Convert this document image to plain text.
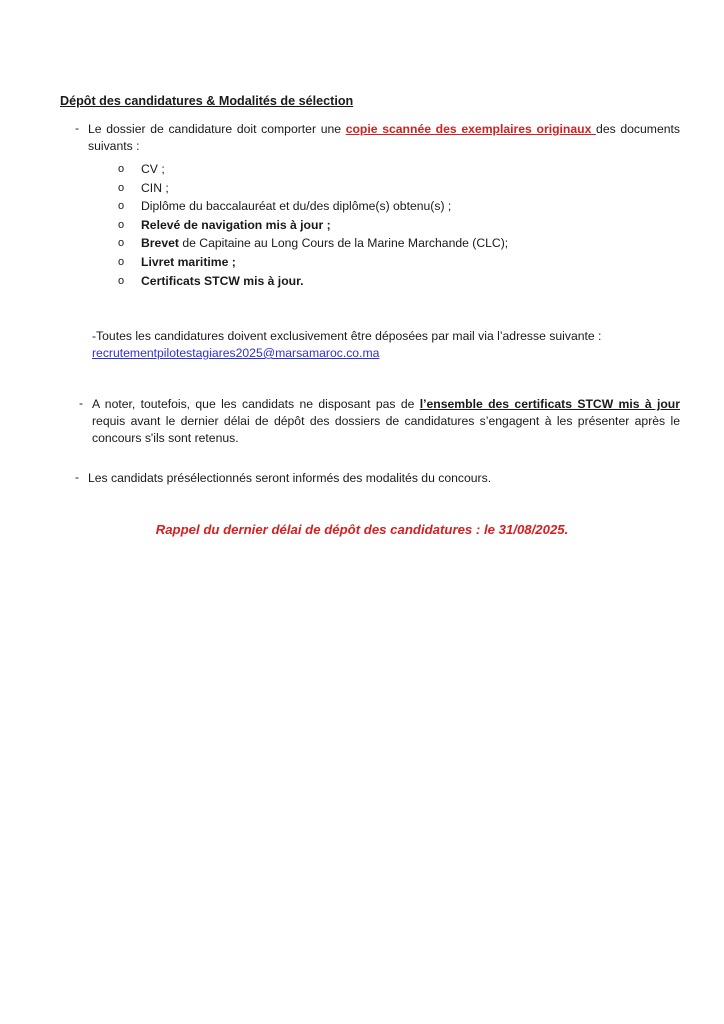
Dépôt des candidatures & Modalités de sélection
- Le dossier de candidature doit comporter une copie scannée des exemplaires originaux des documents suivants :
o CV ;
o CIN ;
o Diplôme du baccalauréat et du/des diplôme(s) obtenu(s) ;
o Relevé de navigation mis à jour ;
o Brevet de Capitaine au Long Cours de la Marine Marchande (CLC);
o Livret maritime ;
o Certificats STCW mis à jour.
-Toutes les candidatures doivent exclusivement être déposées par mail via l’adresse suivante :
recrutementpilotestagiares2025@marsamaroc.co.ma
- A noter, toutefois, que les candidats ne disposant pas de l’ensemble des certificats STCW mis à jour requis avant le dernier délai de dépôt des dossiers de candidatures s’engagent à les présenter après le concours s'ils sont retenus.
- Les candidats présélectionnés seront informés des modalités du concours.
Rappel du dernier délai de dépôt des candidatures : le 31/08/2025.
